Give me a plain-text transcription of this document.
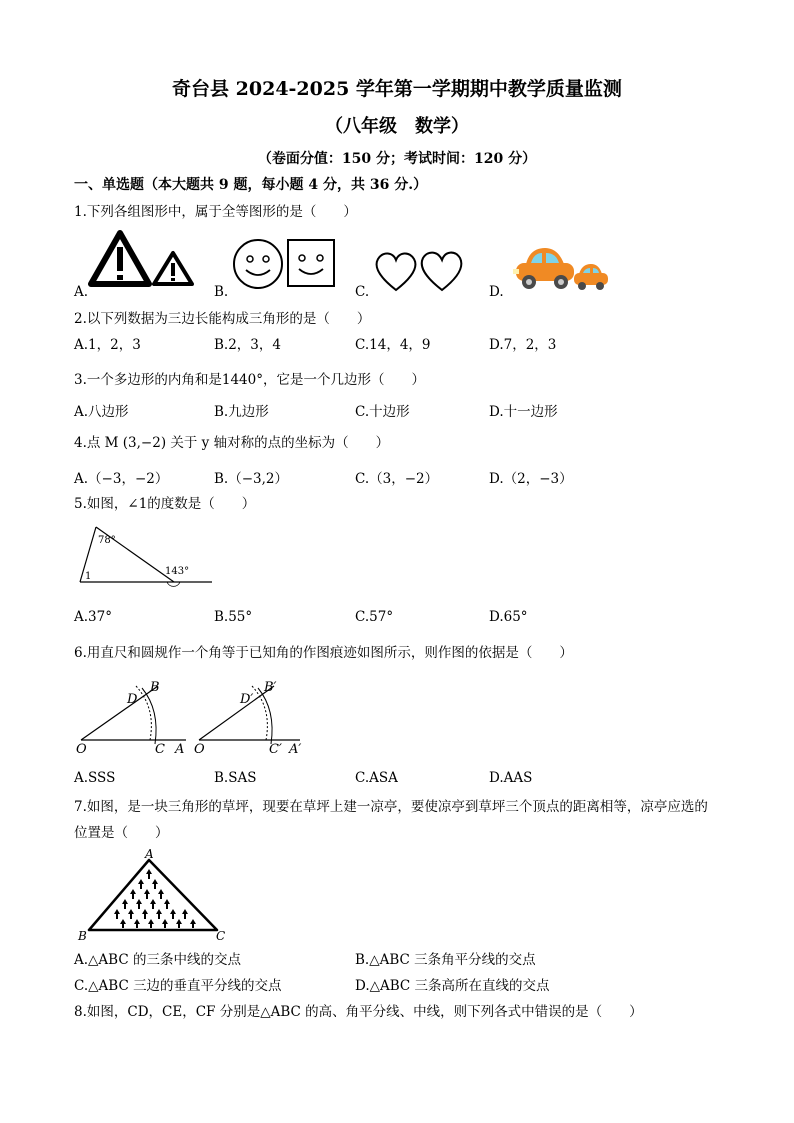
奇台县 2024-2025 学年第一学期期中教学质量监测
（八年级　数学）
（卷面分值：150 分；考试时间：120 分）
一、单选题（本大题共 9 题，每小题 4 分，共 36 分.）
1.下列各组图形中，属于全等图形的是（　　）
A.	B.	C.	D.
2.以下列数据为三边长能构成三角形的是（　　）
A.1，2，3	B.2，3，4	C.14，4，9	D.7，2，3
3.一个多边形的内角和是1440°，它是一个几边形（　　）
A.八边形	B.九边形	C.十边形	D.十一边形
4.点 M (3,−2) 关于 y 轴对称的点的坐标为（　　）
A.（−3，−2）	B.（−3,2）	C.（3，−2）	D.（2，−3）
5.如图，∠1的度数是（　　）
78°
143°
1
A.37°	B.55°	C.57°	D.65°
6.用直尺和圆规作一个角等于已知角的作图痕迹如图所示，则作图的依据是（　　）
O	C A
B
D
O	C′ A′
B′
D′
A.SSS	B.SAS	C.ASA	D.AAS
7.如图，是一块三角形的草坪，现要在草坪上建一凉亭，要使凉亭到草坪三个顶点的距离相等，凉亭应选的
位置是（　　）
A
B	C
A.△ABC 的三条中线的交点	B.△ABC 三条角平分线的交点
C.△ABC 三边的垂直平分线的交点	D.△ABC 三条高所在直线的交点
8.如图，CD，CE，CF 分别是△ABC 的高、角平分线、中线，则下列各式中错误的是（　　）
